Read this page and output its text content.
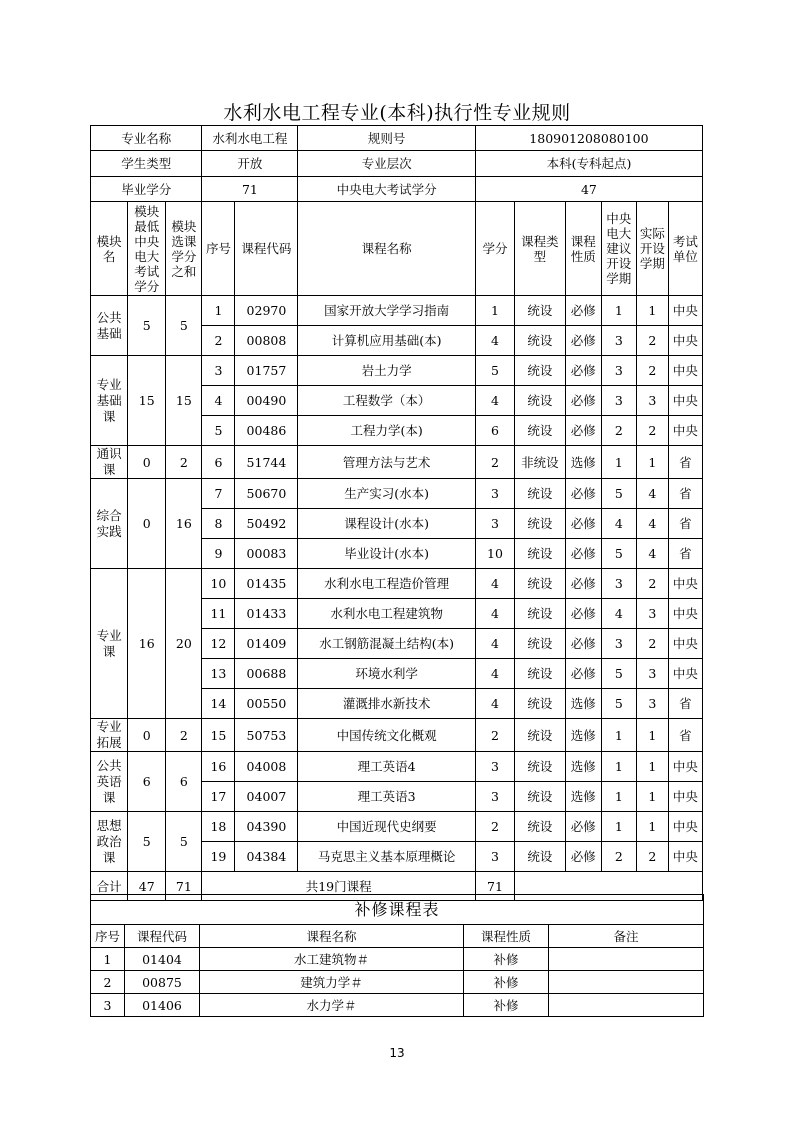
水利水电工程专业(本科)执行性专业规则
专业名称			水利水电工程		规则号	180901208080100					
学生类型			开放		专业层次	本科(专科起点)					
毕业学分			71		中央电大考试学分	47					
模块名	模块最低中央电大考试学分	模块选课学分之和	序号	课程代码	课程名称	学分	课程类型	课程性质	中央电大建议开设学期	实际开设学期	考试单位
公共基础	5	5	1	02970	国家开放大学学习指南	1	统设	必修	1	1	中央
			2	00808	计算机应用基础(本)	4	统设	必修	3	2	中央
专业基础课	15	15	3	01757	岩土力学	5	统设	必修	3	2	中央
			4	00490	工程数学（本）	4	统设	必修	3	3	中央
			5	00486	工程力学(本)	6	统设	必修	2	2	中央
通识课	0	2	6	51744	管理方法与艺术	2	非统设	选修	1	1	省
综合实践	0	16	7	50670	生产实习(水本)	3	统设	必修	5	4	省
			8	50492	课程设计(水本)	3	统设	必修	4	4	省
			9	00083	毕业设计(水本)	10	统设	必修	5	4	省
专业课	16	20	10	01435	水利水电工程造价管理	4	统设	必修	3	2	中央
			11	01433	水利水电工程建筑物	4	统设	必修	4	3	中央
			12	01409	水工钢筋混凝土结构(本)	4	统设	必修	3	2	中央
			13	00688	环境水利学	4	统设	必修	5	3	中央
			14	00550	灌溉排水新技术	4	统设	选修	5	3	省
专业拓展	0	2	15	50753	中国传统文化概观	2	统设	选修	1	1	省
公共英语课	6	6	16	04008	理工英语4	3	统设	选修	1	1	中央
			17	04007	理工英语3	3	统设	选修	1	1	中央
思想政治课	5	5	18	04390	中国近现代史纲要	2	统设	必修	1	1	中央
			19	04384	马克思主义基本原理概论	3	统设	必修	2	2	中央
合计	47	71	共19门课程			71					
补修课程表				
序号	课程代码	课程名称	课程性质	备注
1	01404	水工建筑物＃	补修	
2	00875	建筑力学＃	补修	
3	01406	水力学＃	补修	
13
